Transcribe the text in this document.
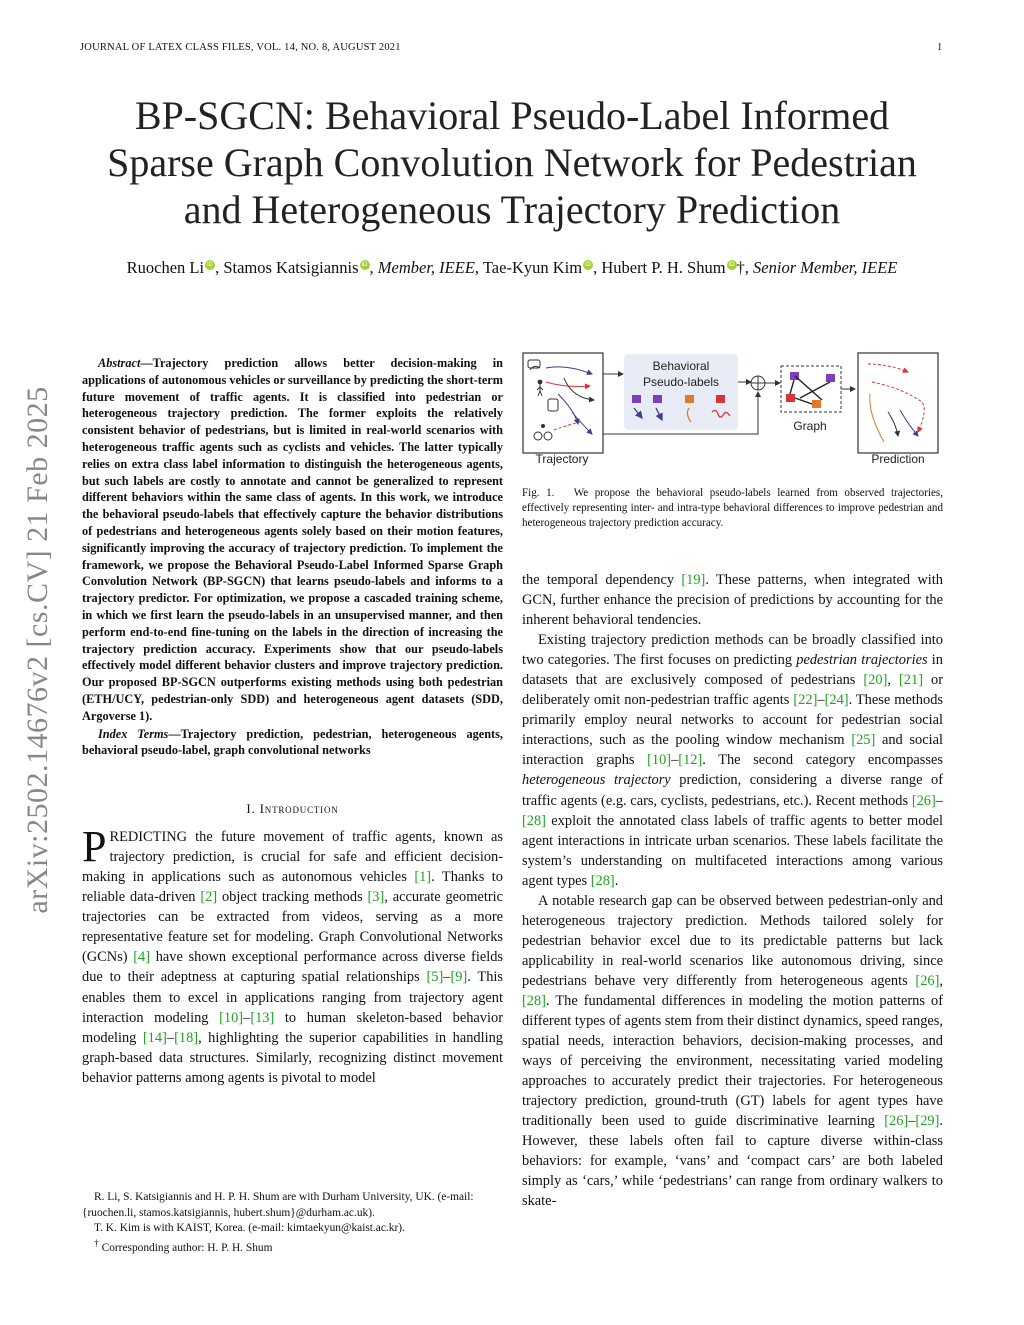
JOURNAL OF LATEX CLASS FILES, VOL. 14, NO. 8, AUGUST 2021	1
BP-SGCN: Behavioral Pseudo-Label Informed
Sparse Graph Convolution Network for Pedestrian
and Heterogeneous Trajectory Prediction
Ruochen Li iD , Stamos Katsigiannis iD , Member, IEEE, Tae-Kyun Kim iD , Hubert P. H. Shum iD †, Senior Member, IEEE
arXiv:2502.14676v2 [cs.CV] 21 Feb 2025
Abstract—Trajectory prediction allows better decision-making in applications of autonomous vehicles or surveillance by predicting the short-term future movement of traffic agents. It is classified into pedestrian or heterogeneous trajectory prediction. The former exploits the relatively consistent behavior of pedestrians, but is limited in real-world scenarios with heterogeneous traffic agents such as cyclists and vehicles. The latter typically relies on extra class label information to distinguish the heterogeneous agents, but such labels are costly to annotate and cannot be generalized to represent different behaviors within the same class of agents. In this work, we introduce the behavioral pseudo-labels that effectively capture the behavior distributions of pedestrians and heterogeneous agents solely based on their motion features, significantly improving the accuracy of trajectory prediction. To implement the framework, we propose the Behavioral Pseudo-Label Informed Sparse Graph Convolution Network (BP-SGCN) that learns pseudo-labels and informs to a trajectory predictor. For optimization, we propose a cascaded training scheme, in which we first learn the pseudo-labels in an unsupervised manner, and then perform end-to-end fine-tuning on the labels in the direction of increasing the trajectory prediction accuracy. Experiments show that our pseudo-labels effectively model different behavior clusters and improve trajectory prediction. Our proposed BP-SGCN outperforms existing methods using both pedestrian (ETH/UCY, pedestrian-only SDD) and heterogeneous agent datasets (SDD, Argoverse 1).
Index Terms—Trajectory prediction, pedestrian, heterogeneous agents, behavioral pseudo-label, graph convolutional networks
I. Introduction

PREDICTING the future movement of traffic agents, known as trajectory prediction, is crucial for safe and efficient decision-making in applications such as autonomous vehicles [1]. Thanks to reliable data-driven [2] object tracking methods [3], accurate geometric trajectories can be extracted from videos, serving as a more representative feature set for modeling. Graph Convolutional Networks (GCNs) [4] have shown exceptional performance across diverse fields due to their adeptness at capturing spatial relationships [5]–[9]. This enables them to excel in applications ranging from trajectory agent interaction modeling [10]–[13] to human skeleton-based behavior modeling [14]–[18], highlighting the superior capabilities in handling graph-based data structures. Similarly, recognizing distinct movement behavior patterns among agents is pivotal to model

R. Li, S. Katsigiannis and H. P. H. Shum are with Durham University, UK. (e-mail: {ruochen.li, stamos.katsigiannis, hubert.shum}@durham.ac.uk).

T. K. Kim is with KAIST, Korea. (e-mail: kimtaekyun@kaist.ac.kr).

† Corresponding author: H. P. H. Shum

Trajectory
Behavioral
Pseudo-labels
Graph
Prediction
Fig. 1. We propose the behavioral pseudo-labels learned from observed trajectories, effectively representing inter- and intra-type behavioral differences to improve pedestrian and heterogeneous trajectory prediction accuracy.

the temporal dependency [19]. These patterns, when integrated with GCN, further enhance the precision of predictions by accounting for the inherent behavioral tendencies.

Existing trajectory prediction methods can be broadly classified into two categories. The first focuses on predicting pedestrian trajectories in datasets that are exclusively composed of pedestrians [20], [21] or deliberately omit non-pedestrian traffic agents [22]–[24]. These methods primarily employ neural networks to account for pedestrian social interactions, such as the pooling window mechanism [25] and social interaction graphs [10]–[12]. The second category encompasses heterogeneous trajectory prediction, considering a diverse range of traffic agents (e.g. cars, cyclists, pedestrians, etc.). Recent methods [26]–[28] exploit the annotated class labels of traffic agents to better model agent interactions in intricate urban scenarios. These labels facilitate the system’s understanding on multifaceted interactions among various agent types [28].

A notable research gap can be observed between pedestrian-only and heterogeneous trajectory prediction. Methods tailored solely for pedestrian behavior excel due to its predictable patterns but lack applicability in real-world scenarios like autonomous driving, since pedestrians behave very differently from heterogeneous agents [26], [28]. The fundamental differences in modeling the motion patterns of different types of agents stem from their distinct dynamics, speed ranges, spatial needs, interaction behaviors, decision-making processes, and ways of perceiving the environment, necessitating varied modeling approaches to accurately predict their trajectories. For heterogeneous trajectory prediction, ground-truth (GT) labels for agent types have traditionally been used to guide discriminative learning [26]–[29]. However, these labels often fail to capture diverse within-class behaviors: for example, ‘vans’ and ‘compact cars’ are both labeled simply as ‘cars,’ while ‘pedestrians’ can range from ordinary walkers to skate-
